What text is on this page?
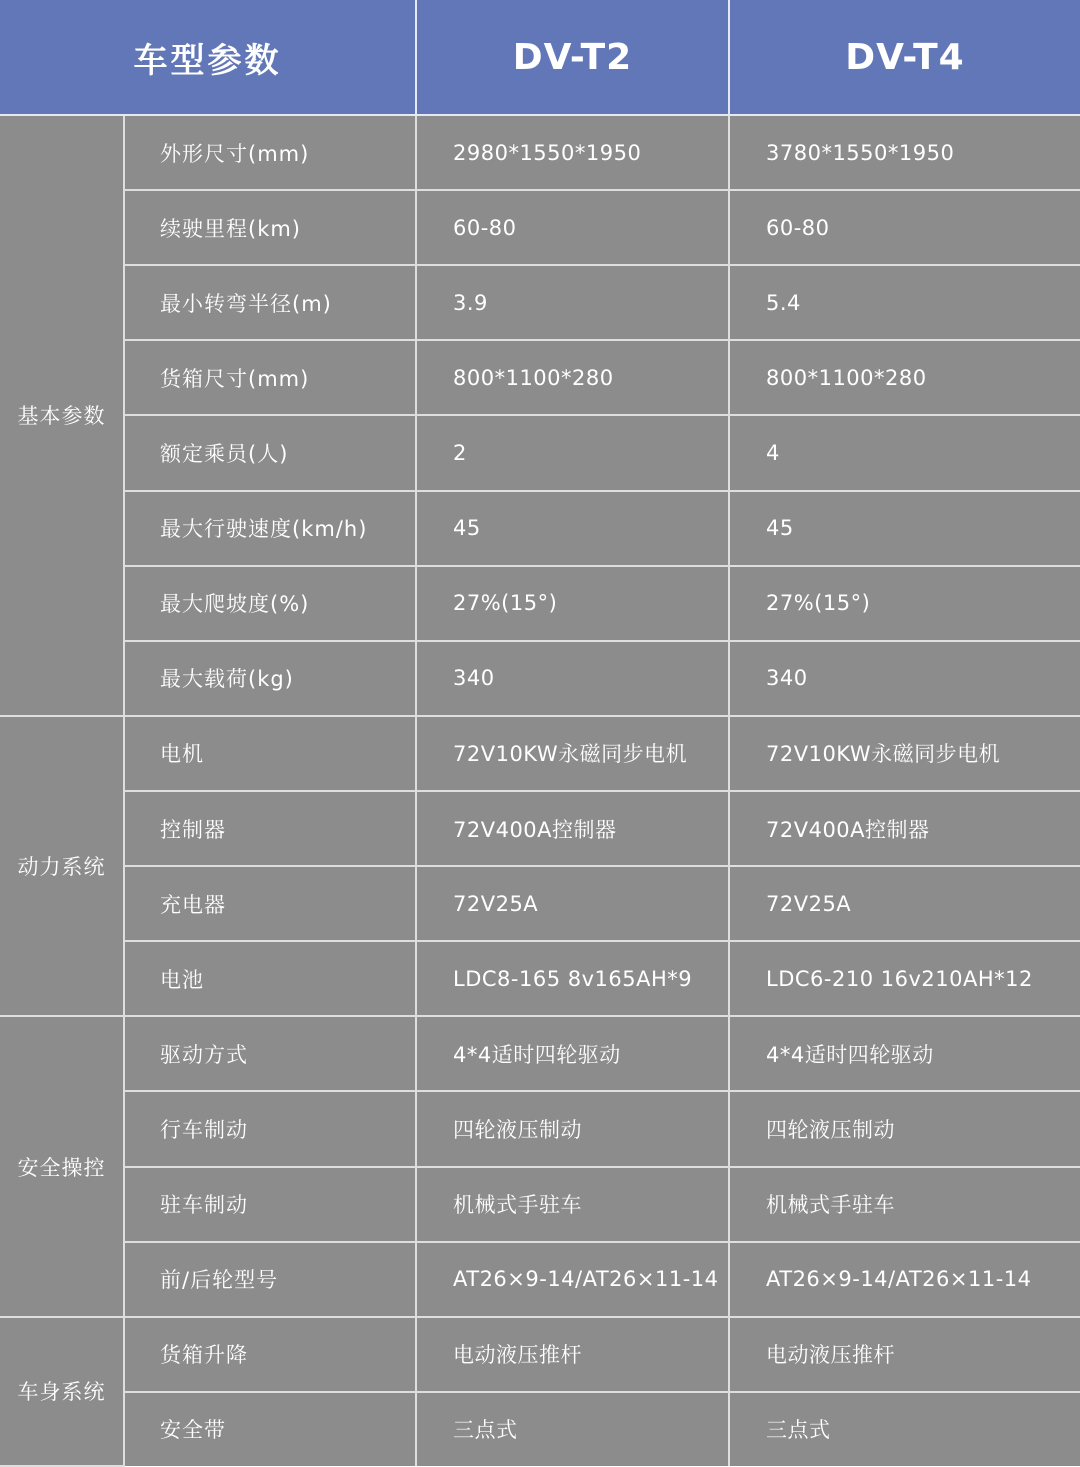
车型参数		DV-T2	DV-T4
基本参数	外形尺寸(mm)	2980*1550*1950	3780*1550*1950
	续驶里程(km)	60-80	60-80
	最小转弯半径(m)	3.9	5.4
	货箱尺寸(mm)	800*1100*280	800*1100*280
	额定乘员(人)	2	4
	最大行驶速度(km/h)	45	45
	最大爬坡度(%)	27%(15°)	27%(15°)
	最大载荷(kg)	340	340
动力系统	电机	72V10KW永磁同步电机	72V10KW永磁同步电机
	控制器	72V400A控制器	72V400A控制器
	充电器	72V25A	72V25A
	电池	LDC8-165 8v165AH*9	LDC6-210 16v210AH*12
安全操控	驱动方式	4*4适时四轮驱动	4*4适时四轮驱动
	行车制动	四轮液压制动	四轮液压制动
	驻车制动	机械式手驻车	机械式手驻车
	前/后轮型号	AT26×9-14/AT26×11-14	AT26×9-14/AT26×11-14
车身系统	货箱升降	电动液压推杆	电动液压推杆
	安全带	三点式	三点式
